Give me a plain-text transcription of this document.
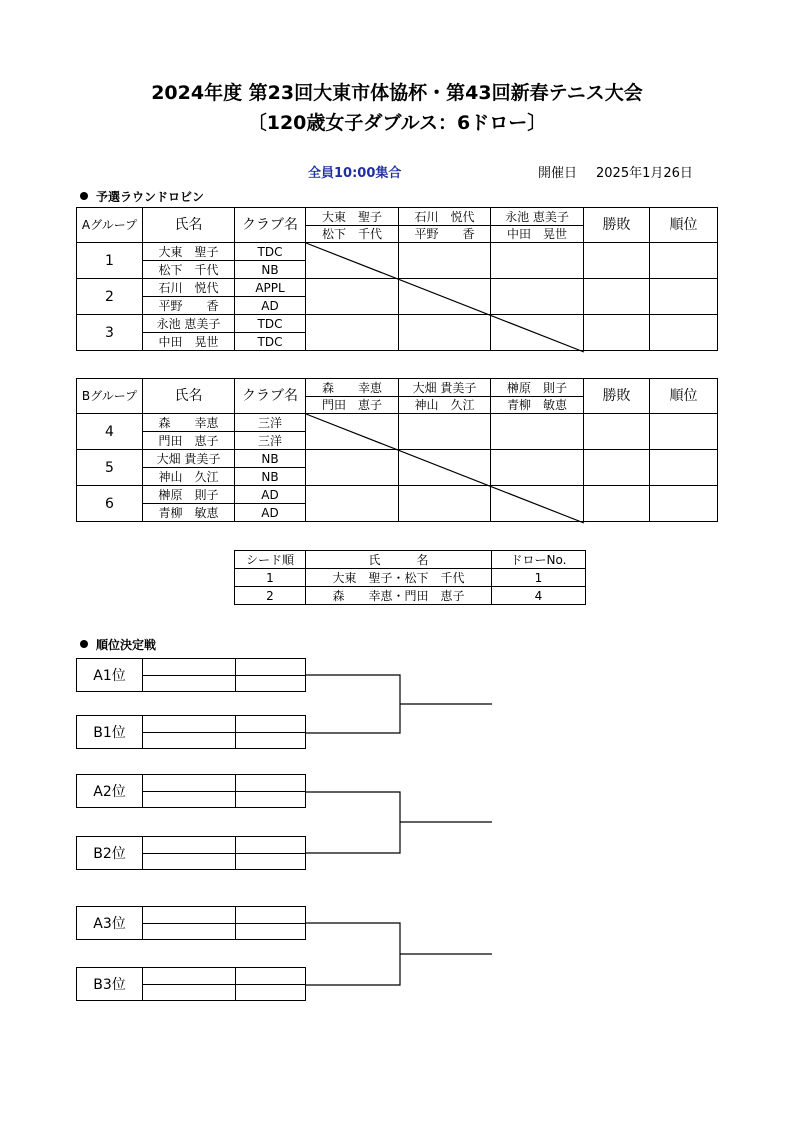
2024年度 第23回大東市体協杯・第43回新春テニス大会
〔120歳女子ダブルス：6ドロー〕
全員10:00集合	開催日 2025年1月26日
予選ラウンドロビン
Aグループ	氏名	クラブ名	大東　聖子	石川　悦代	永池 恵美子	勝敗	順位
			松下　千代	平野　　香	中田　晃世		
1	大東　聖子	TDC					
	松下　千代	NB					
2	石川　悦代	APPL					
	平野　　香	AD					
3	永池 恵美子	TDC					
	中田　晃世	TDC					
Bグループ	氏名	クラブ名	森　　幸恵	大畑 貴美子	榊原　則子	勝敗	順位
			門田　恵子	神山　久江	青柳　敏恵		
4	森　　幸恵	三洋					
	門田　恵子	三洋					
5	大畑 貴美子	NB					
	神山　久江	NB					
6	榊原　則子	AD					
	青柳　敏恵	AD					
シード順	氏　　　名	ドローNo.
1	大東　聖子・松下　千代	1
2	森　　幸恵・門田　恵子	4
順位決定戦
A1位
B1位
A2位
B2位
A3位
B3位
